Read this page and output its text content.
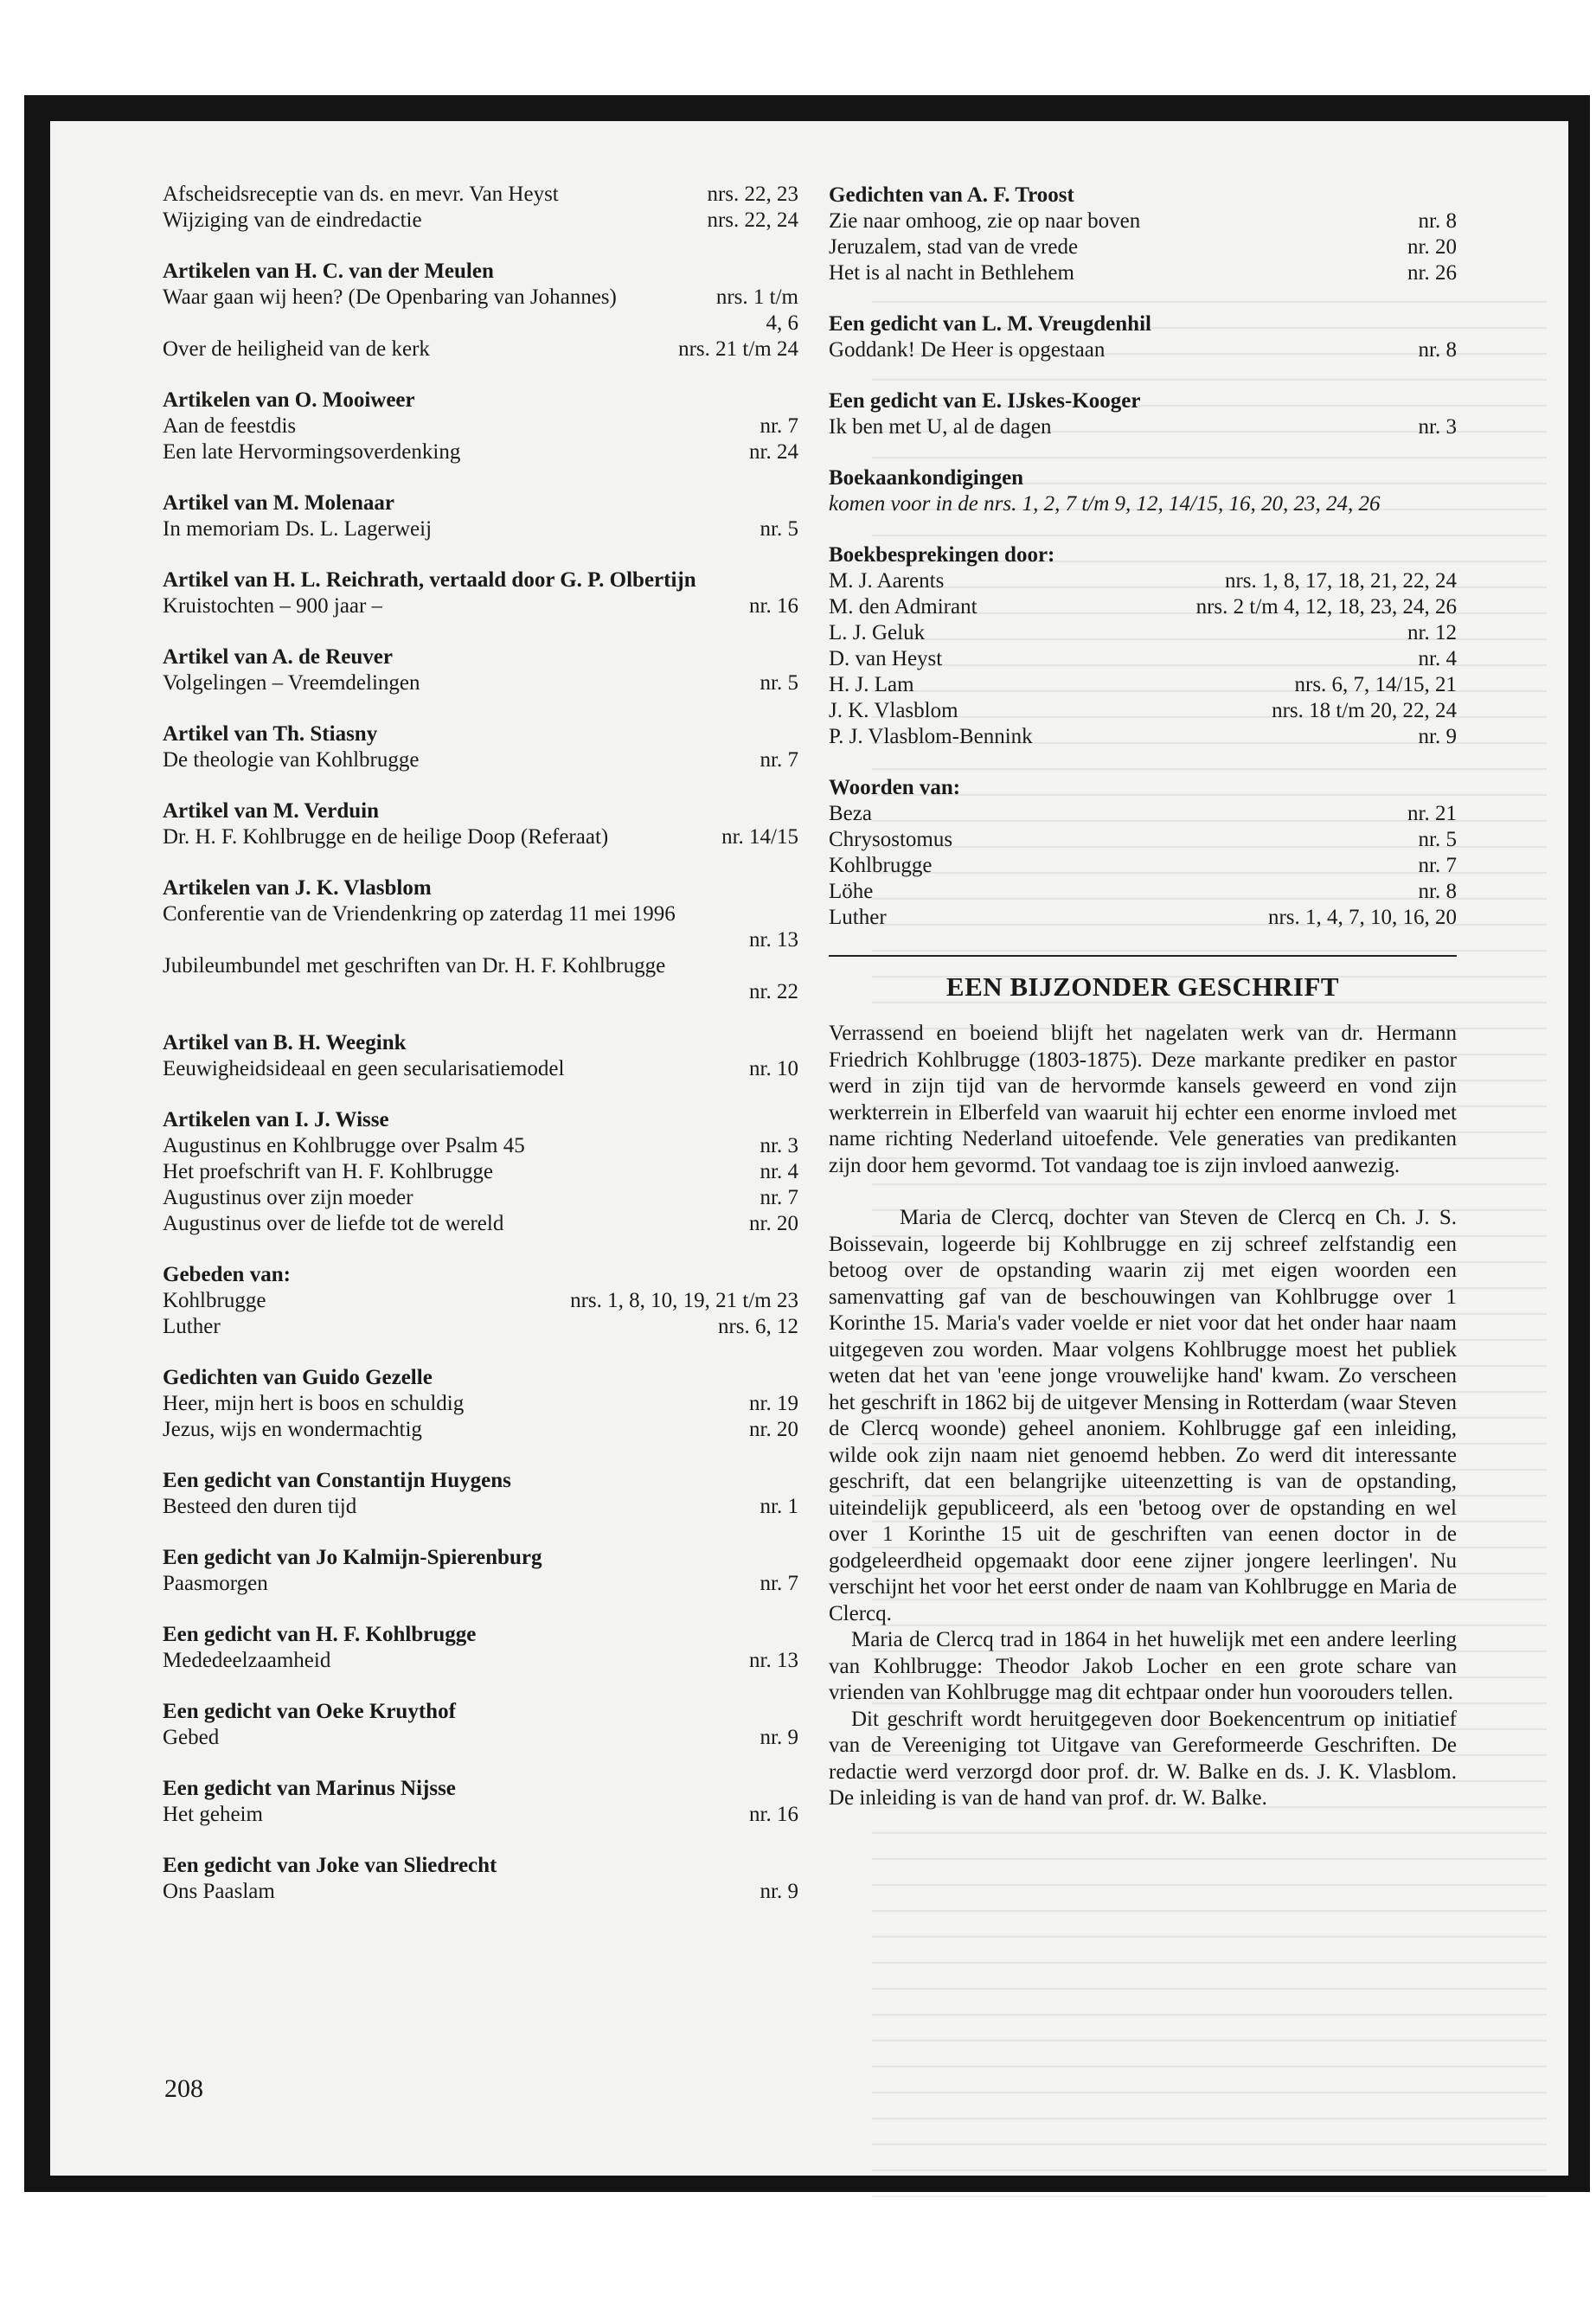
Afscheidsreceptie van ds. en mevr. Van Heyst	nrs. 22, 23
Wijziging van de eindredactie	nrs. 22, 24
Artikelen van H. C. van der Meulen
Waar gaan wij heen? (De Openbaring van Johannes)	nrs. 1 t/m
4, 6
Over de heiligheid van de kerk	nrs. 21 t/m 24
Artikelen van O. Mooiweer
Aan de feestdis	nr. 7
Een late Hervormingsoverdenking	nr. 24
Artikel van M. Molenaar
In memoriam Ds. L. Lagerweij	nr. 5
Artikel van H. L. Reichrath, vertaald door G. P. Olbertijn
Kruistochten – 900 jaar –	nr. 16
Artikel van A. de Reuver
Volgelingen – Vreemdelingen	nr. 5
Artikel van Th. Stiasny
De theologie van Kohlbrugge	nr. 7
Artikel van M. Verduin
Dr. H. F. Kohlbrugge en de heilige Doop (Referaat)	nr. 14/15
Artikelen van J. K. Vlasblom
Conferentie van de Vriendenkring op zaterdag 11 mei 1996
nr. 13
Jubileumbundel met geschriften van Dr. H. F. Kohlbrugge
nr. 22
Artikel van B. H. Weegink
Eeuwigheidsideaal en geen secularisatiemodel	nr. 10
Artikelen van I. J. Wisse
Augustinus en Kohlbrugge over Psalm 45	nr. 3
Het proefschrift van H. F. Kohlbrugge	nr. 4
Augustinus over zijn moeder	nr. 7
Augustinus over de liefde tot de wereld	nr. 20
Gebeden van:
Kohlbrugge	nrs. 1, 8, 10, 19, 21 t/m 23
Luther	nrs. 6, 12
Gedichten van Guido Gezelle
Heer, mijn hert is boos en schuldig	nr. 19
Jezus, wijs en wondermachtig	nr. 20
Een gedicht van Constantijn Huygens
Besteed den duren tijd	nr. 1
Een gedicht van Jo Kalmijn-Spierenburg
Paasmorgen	nr. 7
Een gedicht van H. F. Kohlbrugge
Mededeelzaamheid	nr. 13
Een gedicht van Oeke Kruythof
Gebed	nr. 9
Een gedicht van Marinus Nijsse
Het geheim	nr. 16
Een gedicht van Joke van Sliedrecht
Ons Paaslam	nr. 9
Gedichten van A. F. Troost
Zie naar omhoog, zie op naar boven	nr. 8
Jeruzalem, stad van de vrede	nr. 20
Het is al nacht in Bethlehem	nr. 26
Een gedicht van L. M. Vreugdenhil
Goddank! De Heer is opgestaan	nr. 8
Een gedicht van E. IJskes-Kooger
Ik ben met U, al de dagen	nr. 3
Boekaankondigingen
komen voor in de nrs. 1, 2, 7 t/m 9, 12, 14/15, 16, 20, 23, 24, 26
Boekbesprekingen door:
M. J. Aarents	nrs. 1, 8, 17, 18, 21, 22, 24
M. den Admirant	nrs. 2 t/m 4, 12, 18, 23, 24, 26
L. J. Geluk	nr. 12
D. van Heyst	nr. 4
H. J. Lam	nrs. 6, 7, 14/15, 21
J. K. Vlasblom	nrs. 18 t/m 20, 22, 24
P. J. Vlasblom-Bennink	nr. 9
Woorden van:
Beza	nr. 21
Chrysostomus	nr. 5
Kohlbrugge	nr. 7
Löhe	nr. 8
Luther	nrs. 1, 4, 7, 10, 16, 20
EEN BIJZONDER GESCHRIFT

Verrassend en boeiend blijft het nagelaten werk van dr. Hermann Friedrich Kohlbrugge (1803-1875). Deze markante prediker en pastor werd in zijn tijd van de hervormde kansels geweerd en vond zijn werkterrein in Elberfeld van waaruit hij echter een enorme invloed met name richting Nederland uitoefende. Vele generaties van predikanten zijn door hem gevormd. Tot vandaag toe is zijn invloed aanwezig.

Maria de Clercq, dochter van Steven de Clercq en Ch. J. S. Boissevain, logeerde bij Kohlbrugge en zij schreef zelfstandig een betoog over de opstanding waarin zij met eigen woorden een samenvatting gaf van de beschouwingen van Kohlbrugge over 1 Korinthe 15. Maria's vader voelde er niet voor dat het onder haar naam uitgegeven zou worden. Maar volgens Kohlbrugge moest het publiek weten dat het van 'eene jonge vrouwelijke hand' kwam. Zo verscheen het geschrift in 1862 bij de uitgever Mensing in Rotterdam (waar Steven de Clercq woonde) geheel anoniem. Kohlbrugge gaf een inleiding, wilde ook zijn naam niet genoemd hebben. Zo werd dit interessante geschrift, dat een belangrijke uiteenzetting is van de opstanding, uiteindelijk gepubliceerd, als een 'betoog over de opstanding en wel over 1 Korinthe 15 uit de geschriften van eenen doctor in de godgeleerdheid opgemaakt door eene zijner jongere leerlingen'. Nu verschijnt het voor het eerst onder de naam van Kohlbrugge en Maria de Clercq.

Maria de Clercq trad in 1864 in het huwelijk met een andere leerling van Kohlbrugge: Theodor Jakob Locher en een grote schare van vrienden van Kohlbrugge mag dit echtpaar onder hun voorouders tellen.

Dit geschrift wordt heruitgegeven door Boekencentrum op initiatief van de Vereeniging tot Uitgave van Gereformeerde Geschriften. De redactie werd verzorgd door prof. dr. W. Balke en ds. J. K. Vlasblom. De inleiding is van de hand van prof. dr. W. Balke.

208
